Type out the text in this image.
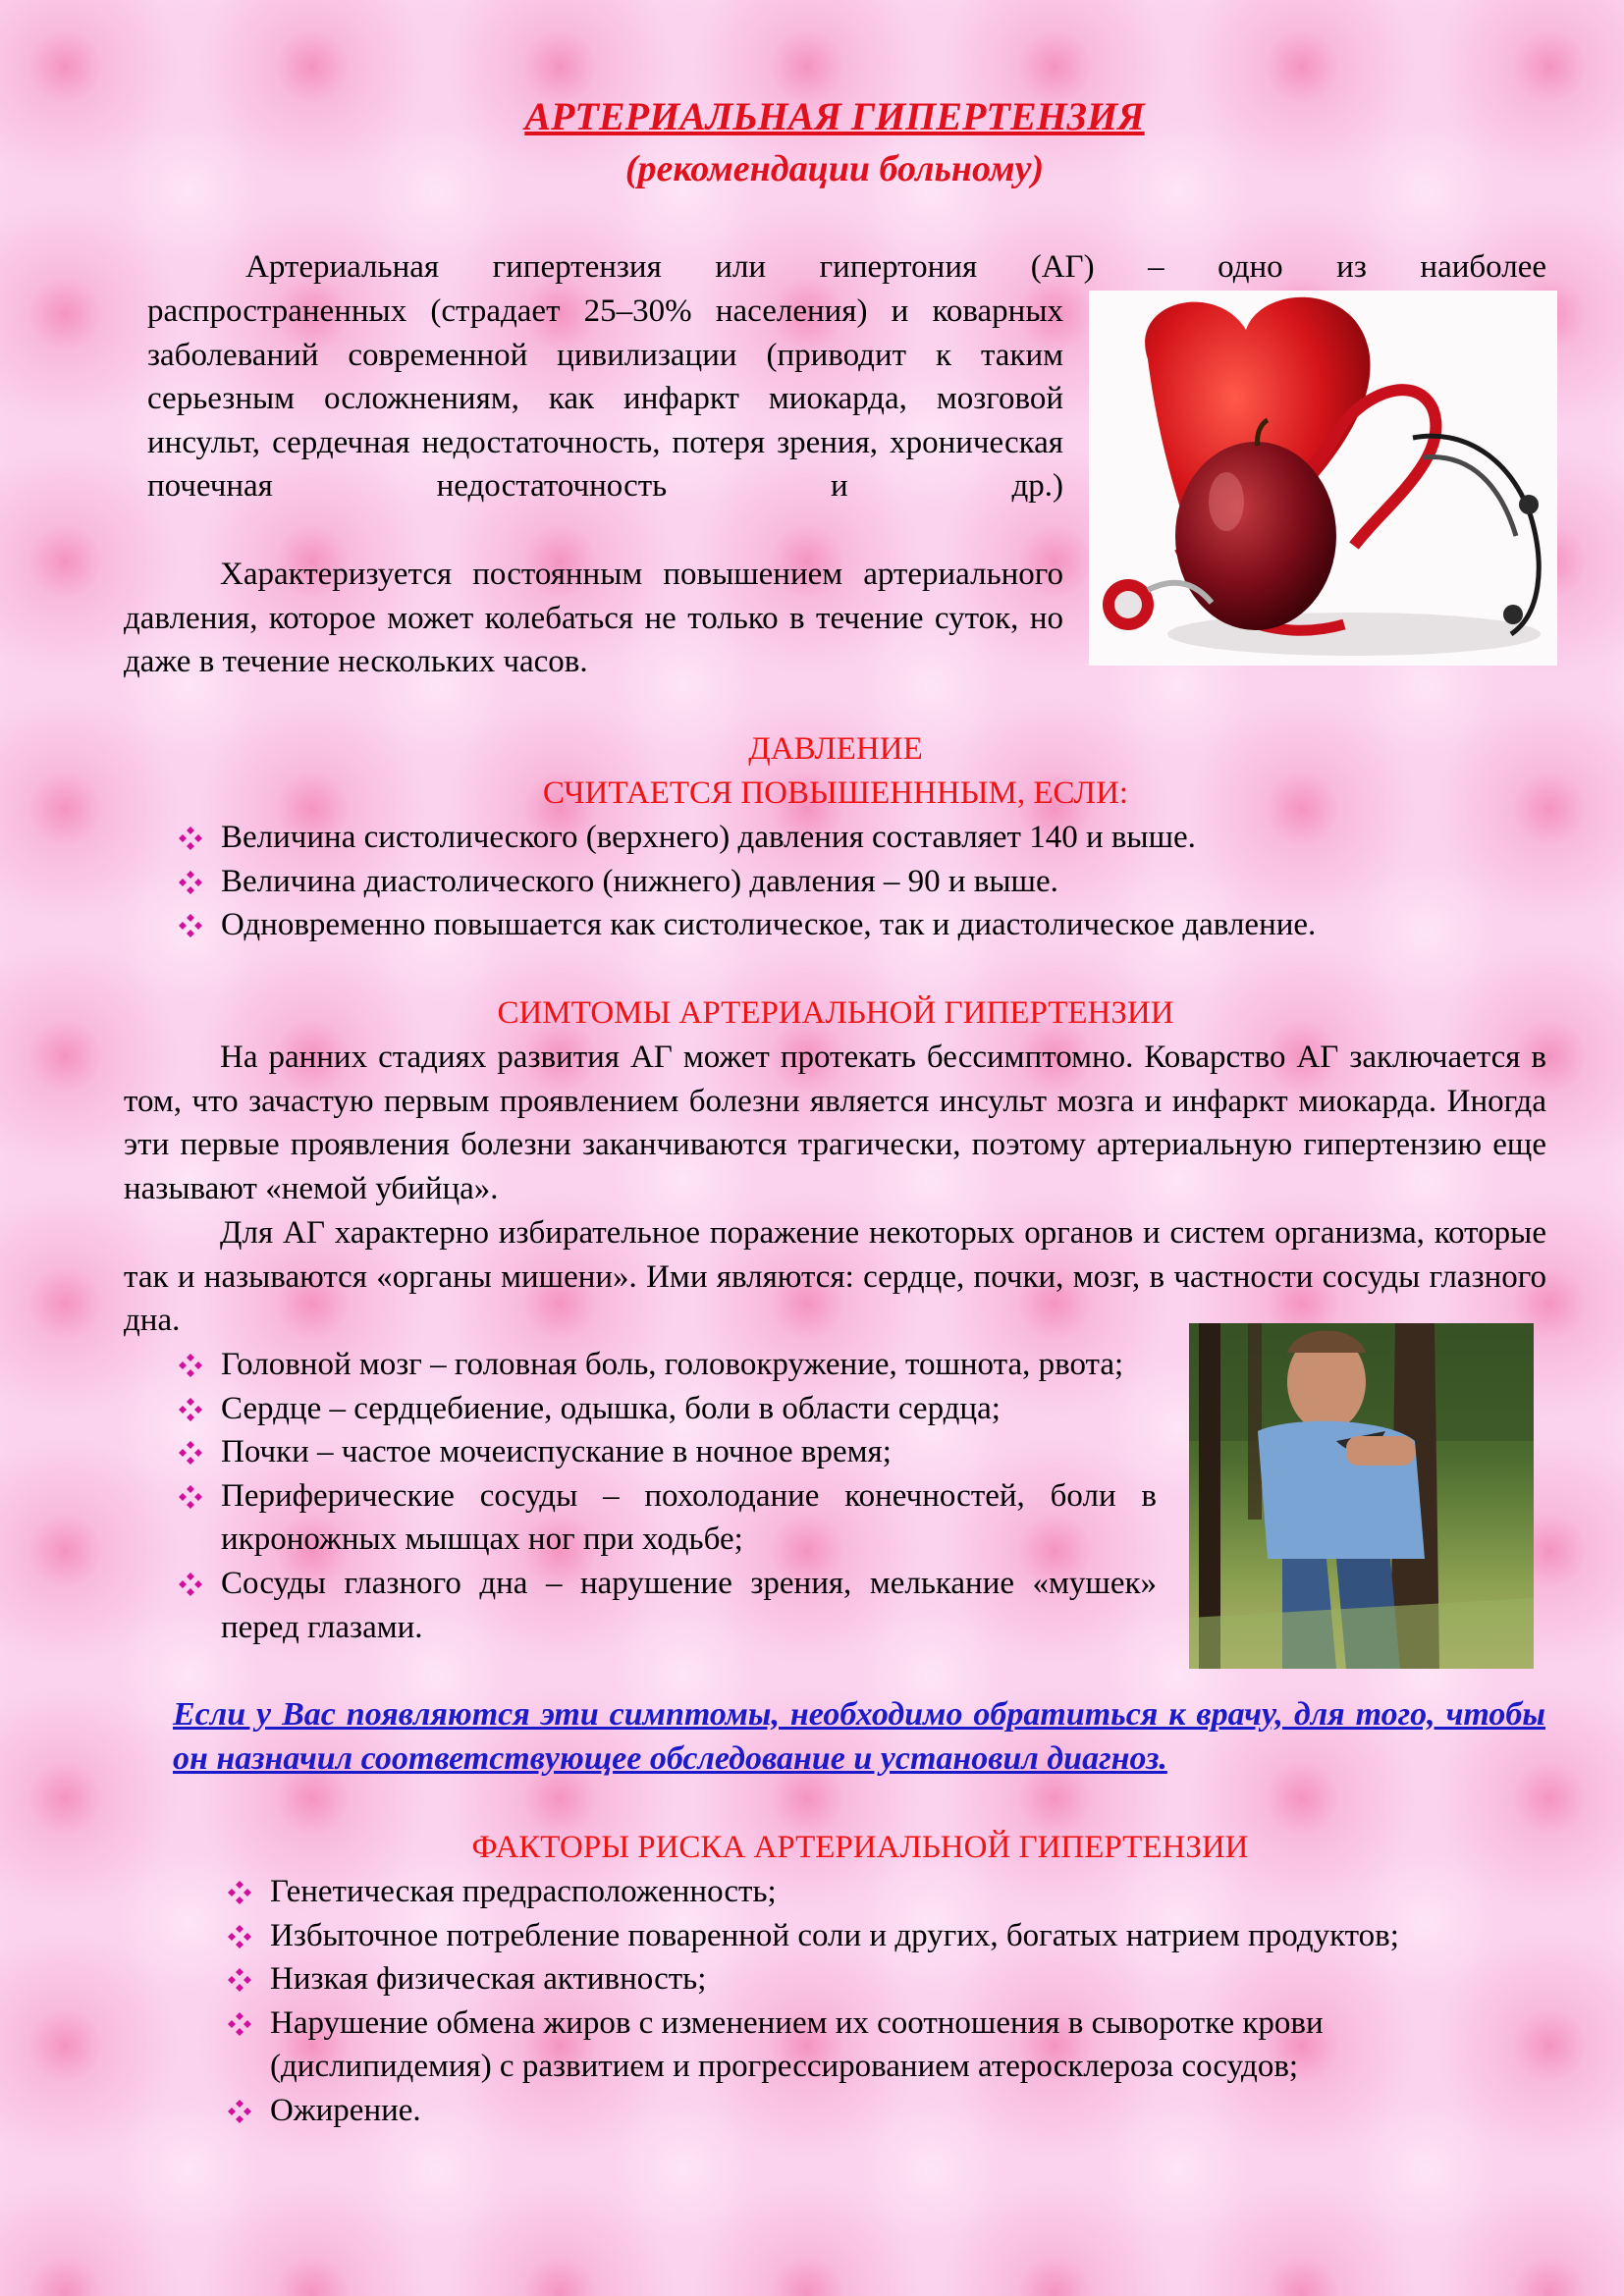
АРТЕРИАЛЬНАЯ ГИПЕРТЕНЗИЯ
(рекомендации больному)
Артериальная гипертензия или гипертония (АГ) – одно из наиболее
распространенных (страдает 25–30% населения) и коварных заболеваний современной цивилизации (приводит к таким серьезным осложнениям, как инфаркт миокарда, мозговой инсульт, сердечная недостаточность, потеря зрения, хроническая почечная недостаточность и др.)
Характеризуется постоянным повышением артериального давления, которое может колебаться не только в течение суток, но даже в течение нескольких часов.
ДАВЛЕНИЕ
СЧИТАЕТСЯ ПОВЫШЕНННЫМ, ЕСЛИ:
Величина систолического (верхнего) давления составляет 140 и выше.
Величина диастолического (нижнего) давления – 90 и выше.
Одновременно повышается как систолическое, так и диастолическое давление.
СИМТОМЫ АРТЕРИАЛЬНОЙ ГИПЕРТЕНЗИИ
На ранних стадиях развития АГ может протекать бессимптомно. Коварство АГ заключается в том, что зачастую первым проявлением болезни является инсульт мозга и инфаркт миокарда. Иногда эти первые проявления болезни заканчиваются трагически, поэтому артериальную гипертензию еще называют «немой убийца».
Для АГ характерно избирательное поражение некоторых органов и систем организма, которые так и называются «органы мишени». Ими являются: сердце, почки, мозг, в частности сосуды глазного дна.
Головной мозг – головная боль, головокружение, тошнота, рвота;
Сердце – сердцебиение, одышка, боли в области сердца;
Почки – частое мочеиспускание в ночное время;
Периферические сосуды – похолодание конечностей, боли в икроножных мышцах ног при ходьбе;
Сосуды глазного дна – нарушение зрения, мелькание «мушек» перед глазами.
Если у Вас появляются эти симптомы, необходимо обратиться к врачу, для того, чтобы он назначил соответствующее обследование и установил диагноз.
ФАКТОРЫ РИСКА АРТЕРИАЛЬНОЙ ГИПЕРТЕНЗИИ
Генетическая предрасположенность;
Избыточное потребление поваренной соли и других, богатых натрием продуктов;
Низкая физическая активность;
Нарушение обмена жиров с изменением их соотношения в сыворотке крови (дислипидемия) с развитием и прогрессированием атеросклероза сосудов;
Ожирение.
